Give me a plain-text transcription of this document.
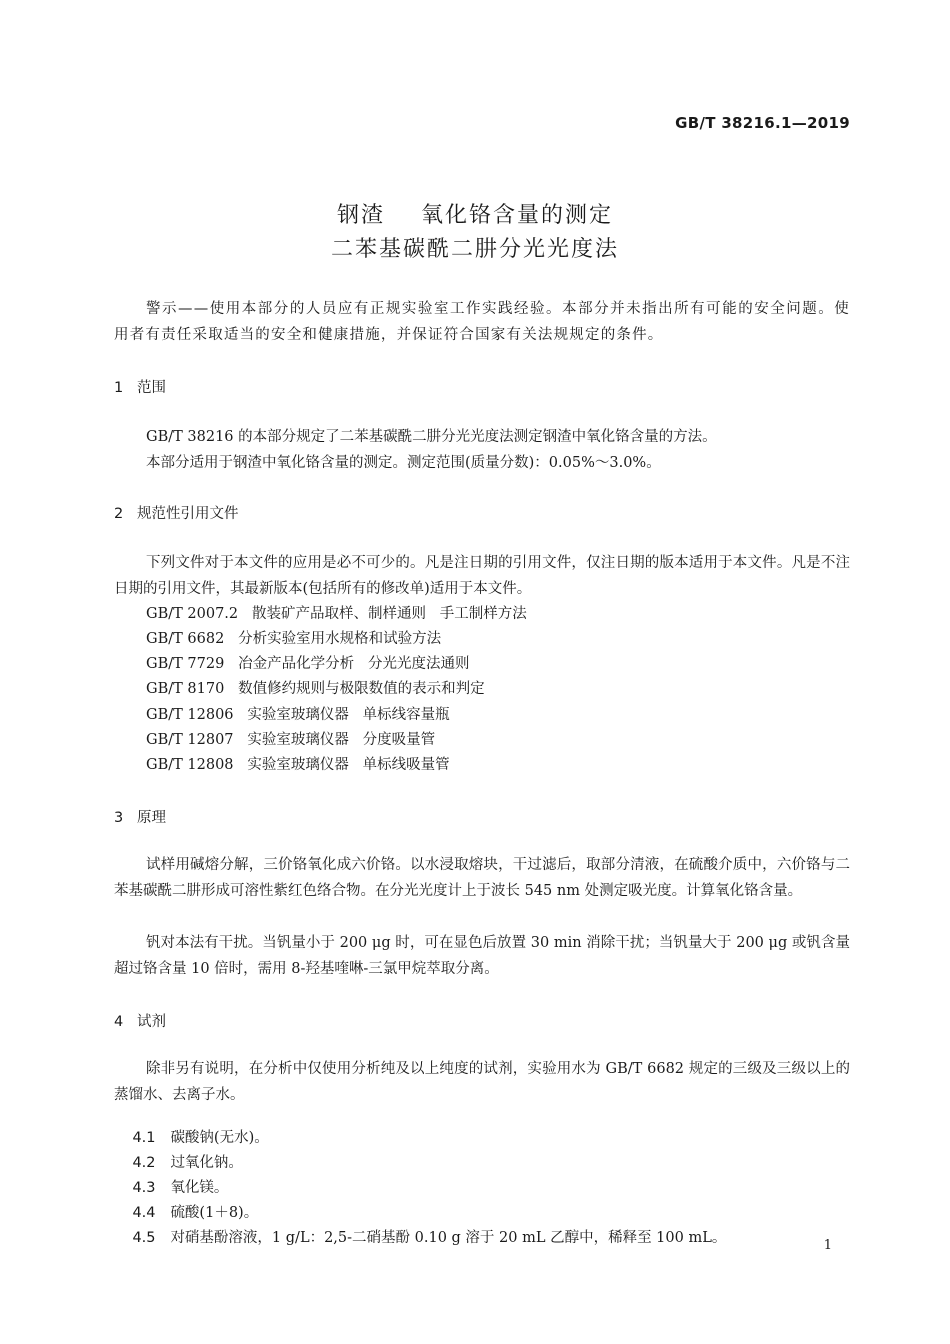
GB/T 38216.1—2019
钢渣    氧化铬含量的测定
二苯基碳酰二肼分光光度法

警示——使用本部分的人员应有正规实验室工作实践经验。本部分并未指出所有可能的安全问题。使用者有责任采取适当的安全和健康措施，并保证符合国家有关法规规定的条件。

1   范围

GB/T 38216 的本部分规定了二苯基碳酰二肼分光光度法测定钢渣中氧化铬含量的方法。

本部分适用于钢渣中氧化铬含量的测定。测定范围(质量分数)：0.05%～3.0%。

2   规范性引用文件

下列文件对于本文件的应用是必不可少的。凡是注日期的引用文件，仅注日期的版本适用于本文件。凡是不注日期的引用文件，其最新版本(包括所有的修改单)适用于本文件。

GB/T 2007.2   散装矿产品取样、制样通则   手工制样方法
GB/T 6682   分析实验室用水规格和试验方法
GB/T 7729   冶金产品化学分析   分光光度法通则
GB/T 8170   数值修约规则与极限数值的表示和判定
GB/T 12806   实验室玻璃仪器   单标线容量瓶
GB/T 12807   实验室玻璃仪器   分度吸量管
GB/T 12808   实验室玻璃仪器   单标线吸量管
3   原理

试样用碱熔分解，三价铬氧化成六价铬。以水浸取熔块，干过滤后，取部分清液，在硫酸介质中，六价铬与二苯基碳酰二肼形成可溶性紫红色络合物。在分光光度计上于波长 545 nm 处测定吸光度。计算氧化铬含量。

钒对本法有干扰。当钒量小于 200 μg 时，可在显色后放置 30 min 消除干扰；当钒量大于 200 μg 或钒含量超过铬含量 10 倍时，需用 8-羟基喹啉-三氯甲烷萃取分离。

4   试剂

除非另有说明，在分析中仅使用分析纯及以上纯度的试剂，实验用水为 GB/T 6682 规定的三级及三级以上的蒸馏水、去离子水。

4.1 碳酸钠(无水)。

4.2 过氧化钠。

4.3 氧化镁。

4.4 硫酸(1＋8)。

4.5 对硝基酚溶液，1 g/L：2,5-二硝基酚 0.10 g 溶于 20 mL 乙醇中，稀释至 100 mL。
	1
